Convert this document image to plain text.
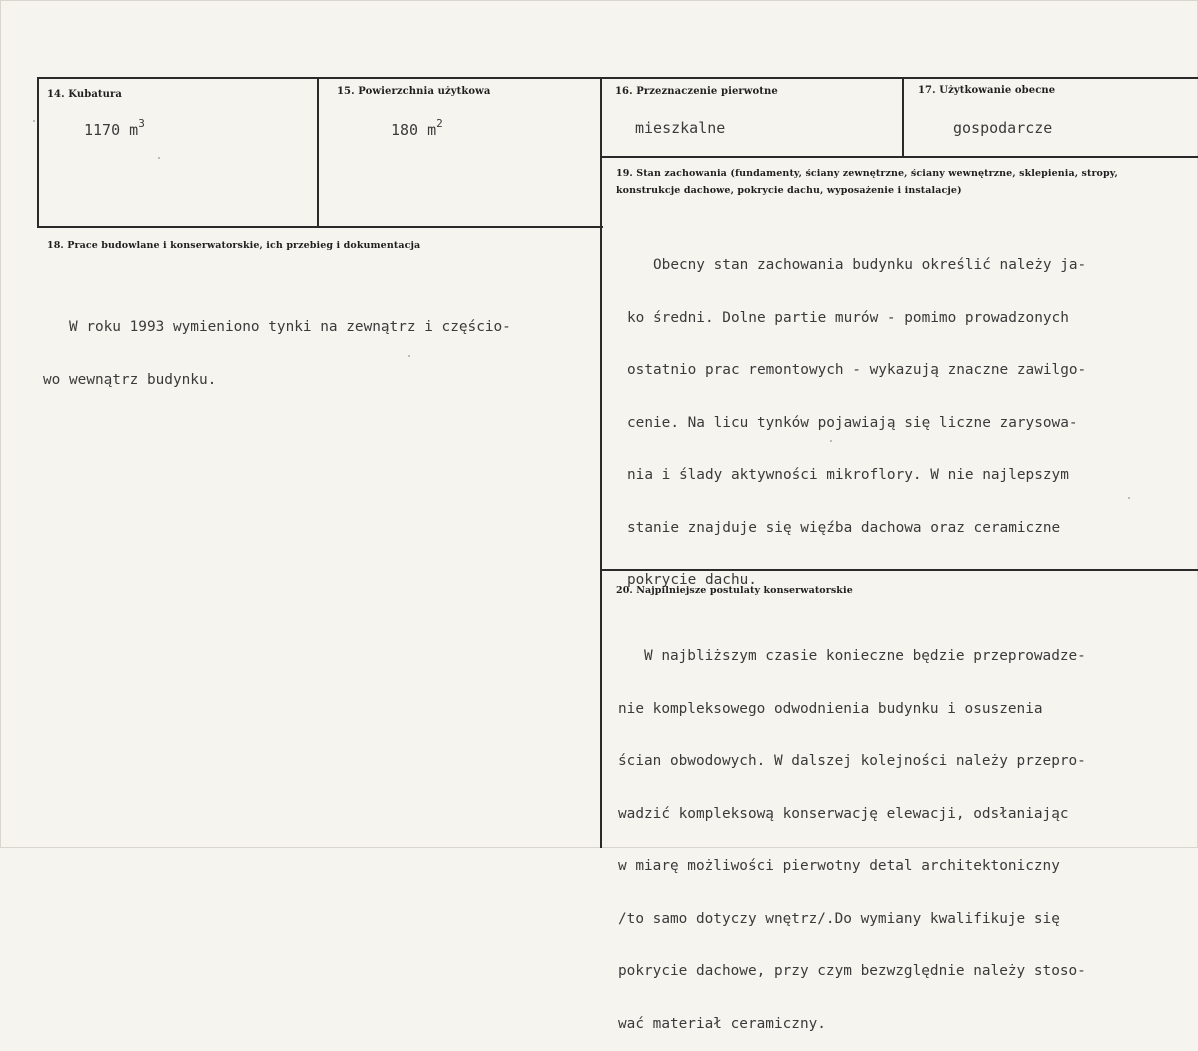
14. Kubatura
1170 $m^3$
15. Powierzchnia użytkowa
180 $m^2$
16. Przeznaczenie pierwotne
mieszkalne
17. Użytkowanie obecne
gospodarcze
18. Prace budowlane i konserwatorskie, ich przebieg i dokumentacja

W roku 1993 wymieniono tynki na zewnątrz i częścio-

wo wewnątrz budynku.

19. Stan zachowania (fundamenty, ściany zewnętrzne, ściany wewnętrzne, sklepienia, stropy,
konstrukcje dachowe, pokrycie dachu, wyposażenie i instalacje)

Obecny stan zachowania budynku określić należy ja-

ko średni. Dolne partie murów - pomimo prowadzonych

ostatnio prac remontowych - wykazują znaczne zawilgo-

cenie. Na licu tynków pojawiają się liczne zarysowa-

nia i ślady aktywności mikroflory. W nie najlepszym

stanie znajduje się więźba dachowa oraz ceramiczne

pokrycie dachu.

20. Najpilniejsze postulaty konserwatorskie

W najbliższym czasie konieczne będzie przeprowadze-

nie kompleksowego odwodnienia budynku i osuszenia

ścian obwodowych. W dalszej kolejności należy przepro-

wadzić kompleksową konserwację elewacji, odsłaniając

w miarę możliwości pierwotny detal architektoniczny

/to samo dotyczy wnętrz/.Do wymiany kwalifikuje się

pokrycie dachowe, przy czym bezwzględnie należy stoso-

wać materiał ceramiczny.
